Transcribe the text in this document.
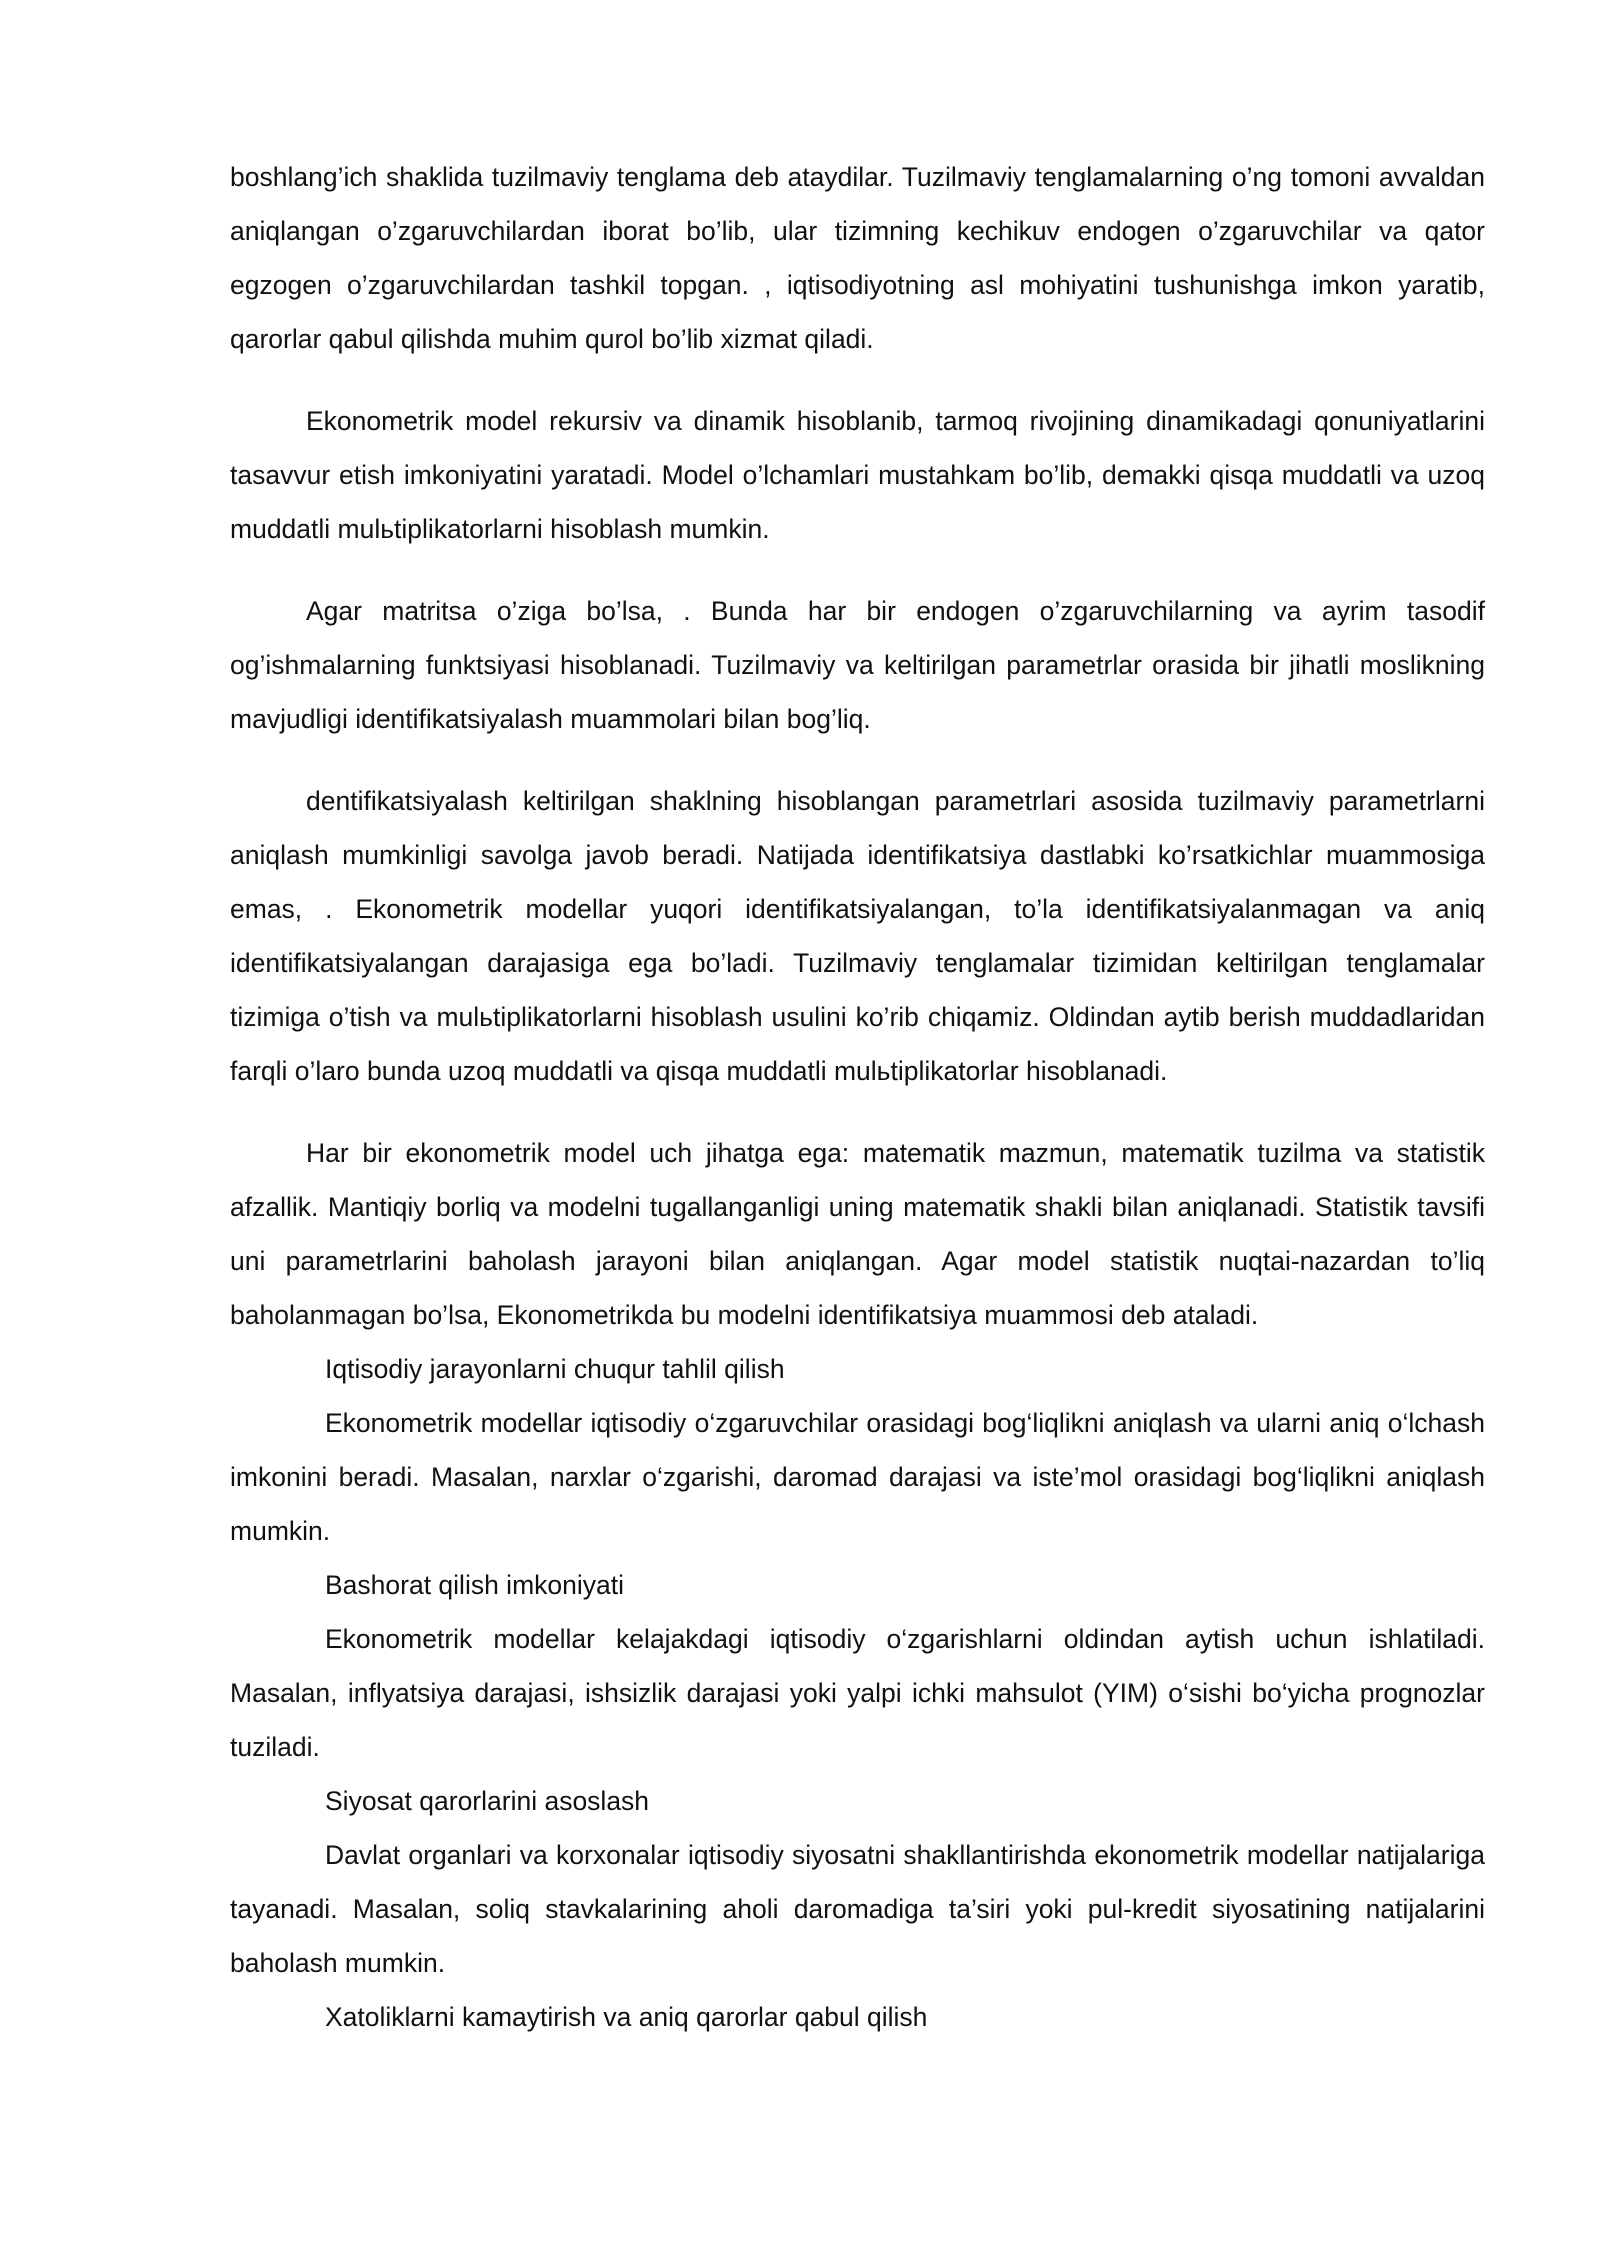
boshlang’ich shaklida tuzilmaviy tenglama deb ataydilar. Tuzilmaviy tenglamalarning o’ng tomoni avvaldan aniqlangan o’zgaruvchilardan iborat bo’lib, ular tizimning kechikuv endogen o’zgaruvchilar va qator egzogen o’zgaruvchilardan tashkil topgan. , iqtisodiyotning asl mohiyatini tushunishga imkon yaratib, qarorlar qabul qilishda muhim qurol bo’lib xizmat qiladi.

Ekonometrik model rekursiv va dinamik hisoblanib, tarmoq rivojining dinamikadagi qonuniyatlarini tasavvur etish imkoniyatini yaratadi. Model o’lchamlari mustahkam bo’lib, demakki qisqa muddatli va uzoq muddatli mulьtiplikatorlarni hisoblash mumkin.

Agar matritsa o’ziga bo’lsa, . Bunda har bir endogen o’zgaruvchilarning va ayrim tasodif og’ishmalarning funktsiyasi hisoblanadi. Tuzilmaviy va keltirilgan parametrlar orasida bir jihatli moslikning mavjudligi identifikatsiyalash muammolari bilan bog’liq.

dentifikatsiyalash keltirilgan shaklning hisoblangan parametrlari asosida tuzilmaviy parametrlarni aniqlash mumkinligi savolga javob beradi. Natijada identifikatsiya dastlabki ko’rsatkichlar muammosiga emas, . Ekonometrik modellar yuqori identifikatsiyalangan, to’la identifikatsiyalanmagan va aniq identifikatsiyalangan darajasiga ega bo’ladi. Tuzilmaviy tenglamalar tizimidan keltirilgan tenglamalar tizimiga o’tish va mulьtiplikatorlarni hisoblash usulini ko’rib chiqamiz. Oldindan aytib berish muddadlaridan farqli o’laro bunda uzoq muddatli va qisqa muddatli mulьtiplikatorlar hisoblanadi.

Har bir ekonometrik model uch jihatga ega: matematik mazmun, matematik tuzilma va statistik afzallik. Mantiqiy borliq va modelni tugallanganligi uning matematik shakli bilan aniqlanadi. Statistik tavsifi uni parametrlarini baholash jarayoni bilan aniqlangan. Agar model statistik nuqtai-nazardan to’liq baholanmagan bo’lsa, Ekonometrikda bu modelni identifikatsiya muammosi deb ataladi.

Iqtisodiy jarayonlarni chuqur tahlil qilish

Ekonometrik modellar iqtisodiy o‘zgaruvchilar orasidagi bog‘liqlikni aniqlash va ularni aniq o‘lchash imkonini beradi. Masalan, narxlar o‘zgarishi, daromad darajasi va iste’mol orasidagi bog‘liqlikni aniqlash mumkin.

Bashorat qilish imkoniyati

Ekonometrik modellar kelajakdagi iqtisodiy o‘zgarishlarni oldindan aytish uchun ishlatiladi. Masalan, inflyatsiya darajasi, ishsizlik darajasi yoki yalpi ichki mahsulot (YIM) o‘sishi bo‘yicha prognozlar tuziladi.

Siyosat qarorlarini asoslash

Davlat organlari va korxonalar iqtisodiy siyosatni shakllantirishda ekonometrik modellar natijalariga tayanadi. Masalan, soliq stavkalarining aholi daromadiga ta’siri yoki pul-kredit siyosatining natijalarini baholash mumkin.

Xatoliklarni kamaytirish va aniq qarorlar qabul qilish
